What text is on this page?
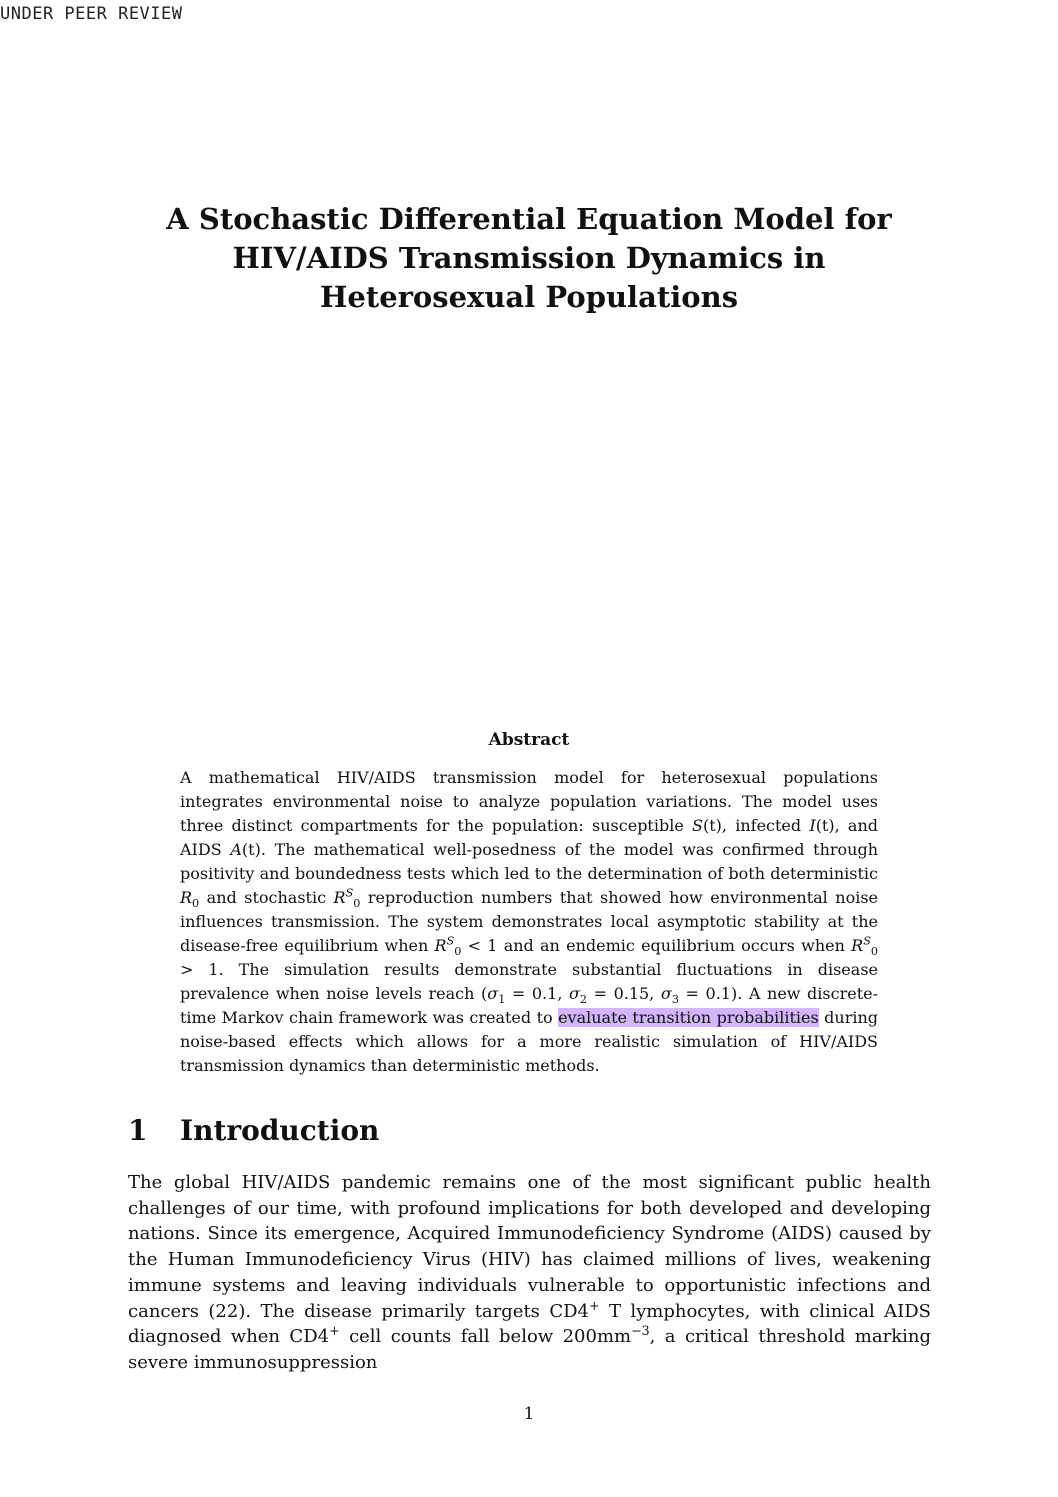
UNDER PEER REVIEW
A Stochastic Differential Equation Model for HIV/AIDS Transmission Dynamics in Heterosexual Populations
Abstract
A mathematical HIV/AIDS transmission model for heterosexual populations integrates environmental noise to analyze population variations. The model uses three distinct compartments for the population: susceptible S(t), infected I(t), and AIDS A(t). The mathematical well-posedness of the model was confirmed through positivity and boundedness tests which led to the determination of both deterministic $R_0$ and stochastic $R^S_0$ reproduction numbers that showed how environmental noise influences transmission. The system demonstrates local asymptotic stability at the disease-free equilibrium when $R^S_0 < 1$ and an endemic equilibrium occurs when $R^S_0 > 1$. The simulation results demonstrate substantial fluctuations in disease prevalence when noise levels reach ($\sigma_1 = 0.1$, $\sigma_2 = 0.15$, $\sigma_3 = 0.1$). A new discrete-time Markov chain framework was created to evaluate transition probabilities during noise-based effects which allows for a more realistic simulation of HIV/AIDS transmission dynamics than deterministic methods.
1 Introduction
The global HIV/AIDS pandemic remains one of the most significant public health challenges of our time, with profound implications for both developed and developing nations. Since its emergence, Acquired Immunodeficiency Syndrome (AIDS) caused by the Human Immunodeficiency Virus (HIV) has claimed millions of lives, weakening immune systems and leaving individuals vulnerable to opportunistic infections and cancers (22). The disease primarily targets CD4+ T lymphocytes, with clinical AIDS diagnosed when CD4+ cell counts fall below $200mm^{-3}$, a critical threshold marking severe immunosuppression
1
